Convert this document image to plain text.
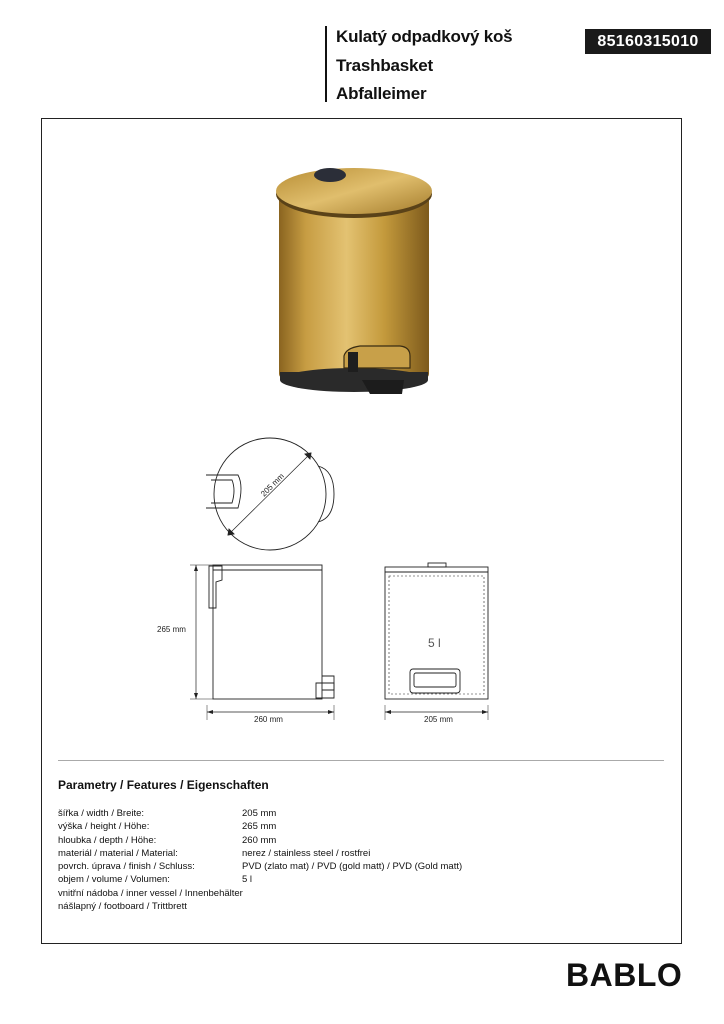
Kulatý odpadkový koš
Trashbasket
Abfalleimer
85160315010
205 mm
265 mm
260 mm
5 l
205 mm
Parametry / Features / Eigenschaften
šířka / width / Breite:	205 mm
výška / height / Höhe:	265 mm
hloubka / depth / Höhe:	260 mm
materiál / material / Material:	nerez / stainless steel / rostfrei
povrch. úprava / finish / Schluss:	PVD (zlato mat) / PVD (gold matt) / PVD (Gold matt)
objem / volume / Volumen:	5 l
vnitřní nádoba / inner vessel / Innenbehälter
nášlapný / footboard / Trittbrett
BABLO
